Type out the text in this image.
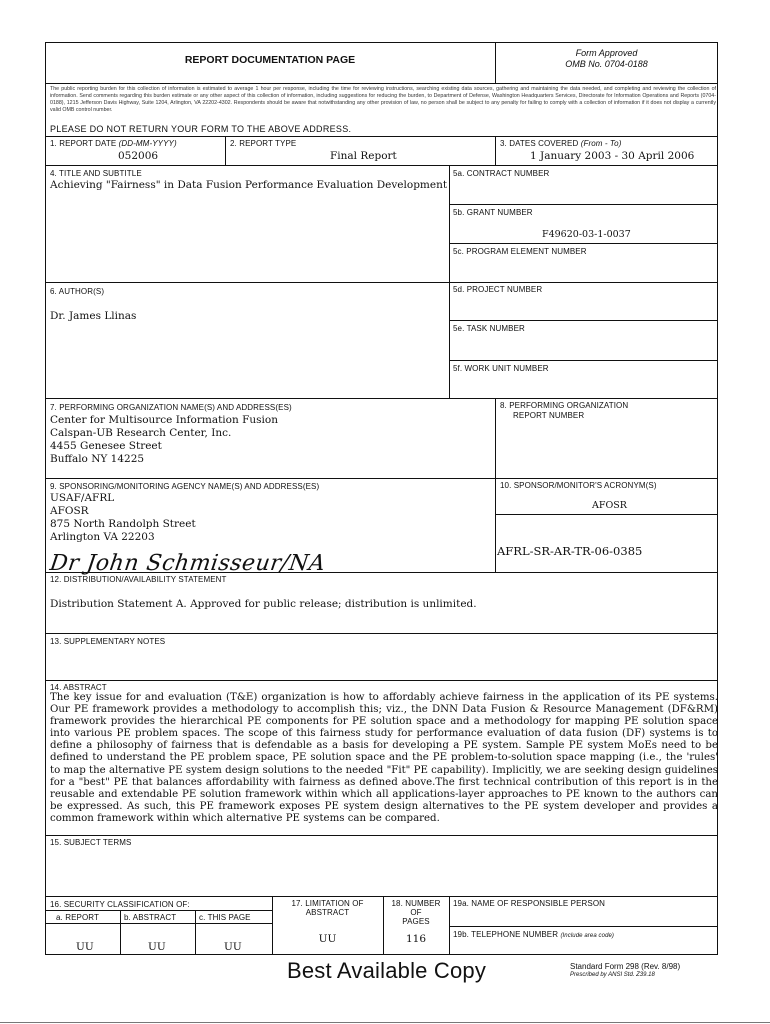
REPORT DOCUMENTATION PAGE
Form Approved
OMB No. 0704-0188
The public reporting burden for this collection of information is estimated to average 1 hour per response, including the time for reviewing instructions, searching existing data sources, gathering and maintaining the data needed, and completing and reviewing the collection of information. Send comments regarding this burden estimate or any other aspect of this collection of information, including suggestions for reducing the burden, to Department of Defense, Washington Headquarters Services, Directorate for Information Operations and Reports (0704-0188), 1215 Jefferson Davis Highway, Suite 1204, Arlington, VA 22202-4302. Respondents should be aware that notwithstanding any other provision of law, no person shall be subject to any penalty for failing to comply with a collection of information if it does not display a currently valid OMB control number.
PLEASE DO NOT RETURN YOUR FORM TO THE ABOVE ADDRESS.
1. REPORT DATE (DD-MM-YYYY)
052006
2. REPORT TYPE
Final Report
3. DATES COVERED (From - To)
1 January 2003 - 30 April 2006
4. TITLE AND SUBTITLE
Achieving "Fairness" in Data Fusion Performance Evaluation Development
5a. CONTRACT NUMBER
5b. GRANT NUMBER
F49620-03-1-0037
5c. PROGRAM ELEMENT NUMBER
6. AUTHOR(S)
Dr. James Llinas
5d. PROJECT NUMBER
5e. TASK NUMBER
5f. WORK UNIT NUMBER
7. PERFORMING ORGANIZATION NAME(S) AND ADDRESS(ES)
Center for Multisource Information Fusion
Calspan-UB Research Center, Inc.
4455 Genesee Street
Buffalo NY 14225
8. PERFORMING ORGANIZATION
REPORT NUMBER
9. SPONSORING/MONITORING AGENCY NAME(S) AND ADDRESS(ES)
USAF/AFRL
AFOSR
875 North Randolph Street
Arlington VA 22203
Dr John Schmisseur/NA
10. SPONSOR/MONITOR'S ACRONYM(S)
AFOSR
AFRL-SR-AR-TR-06-0385
12. DISTRIBUTION/AVAILABILITY STATEMENT
Distribution Statement A. Approved for public release; distribution is unlimited.
13. SUPPLEMENTARY NOTES
14. ABSTRACT
The key issue for and evaluation (T&E) organization is how to affordably achieve fairness in the application of its PE systems. Our PE framework provides a methodology to accomplish this; viz., the DNN Data Fusion & Resource Management (DF&RM) framework provides the hierarchical PE components for PE solution space and a methodology for mapping PE solution space into various PE problem spaces. The scope of this fairness study for performance evaluation of data fusion (DF) systems is to define a philosophy of fairness that is defendable as a basis for developing a PE system. Sample PE system MoEs need to be defined to understand the PE problem space, PE solution space and the PE problem-to-solution space mapping (i.e., the 'rules' to map the alternative PE system design solutions to the needed "Fit" PE capability). Implicitly, we are seeking design guidelines for a "best" PE that balances affordability with fairness as defined above.The first technical contribution of this report is in the reusable and extendable PE solution framework within which all applications-layer approaches to PE known to the authors can be expressed. As such, this PE framework exposes PE system design alternatives to the PE system developer and provides a common framework within which alternative PE systems can be compared.
15. SUBJECT TERMS
16. SECURITY CLASSIFICATION OF:
a. REPORT	b. ABSTRACT	c. THIS PAGE
UU	UU	UU
17. LIMITATION OF
ABSTRACT
UU
18. NUMBER
OF
PAGES
116
19a. NAME OF RESPONSIBLE PERSON
19b. TELEPHONE NUMBER (Include area code)
Best Available Copy	Standard Form 298 (Rev. 8/98)
Prescribed by ANSI Std. Z39.18
